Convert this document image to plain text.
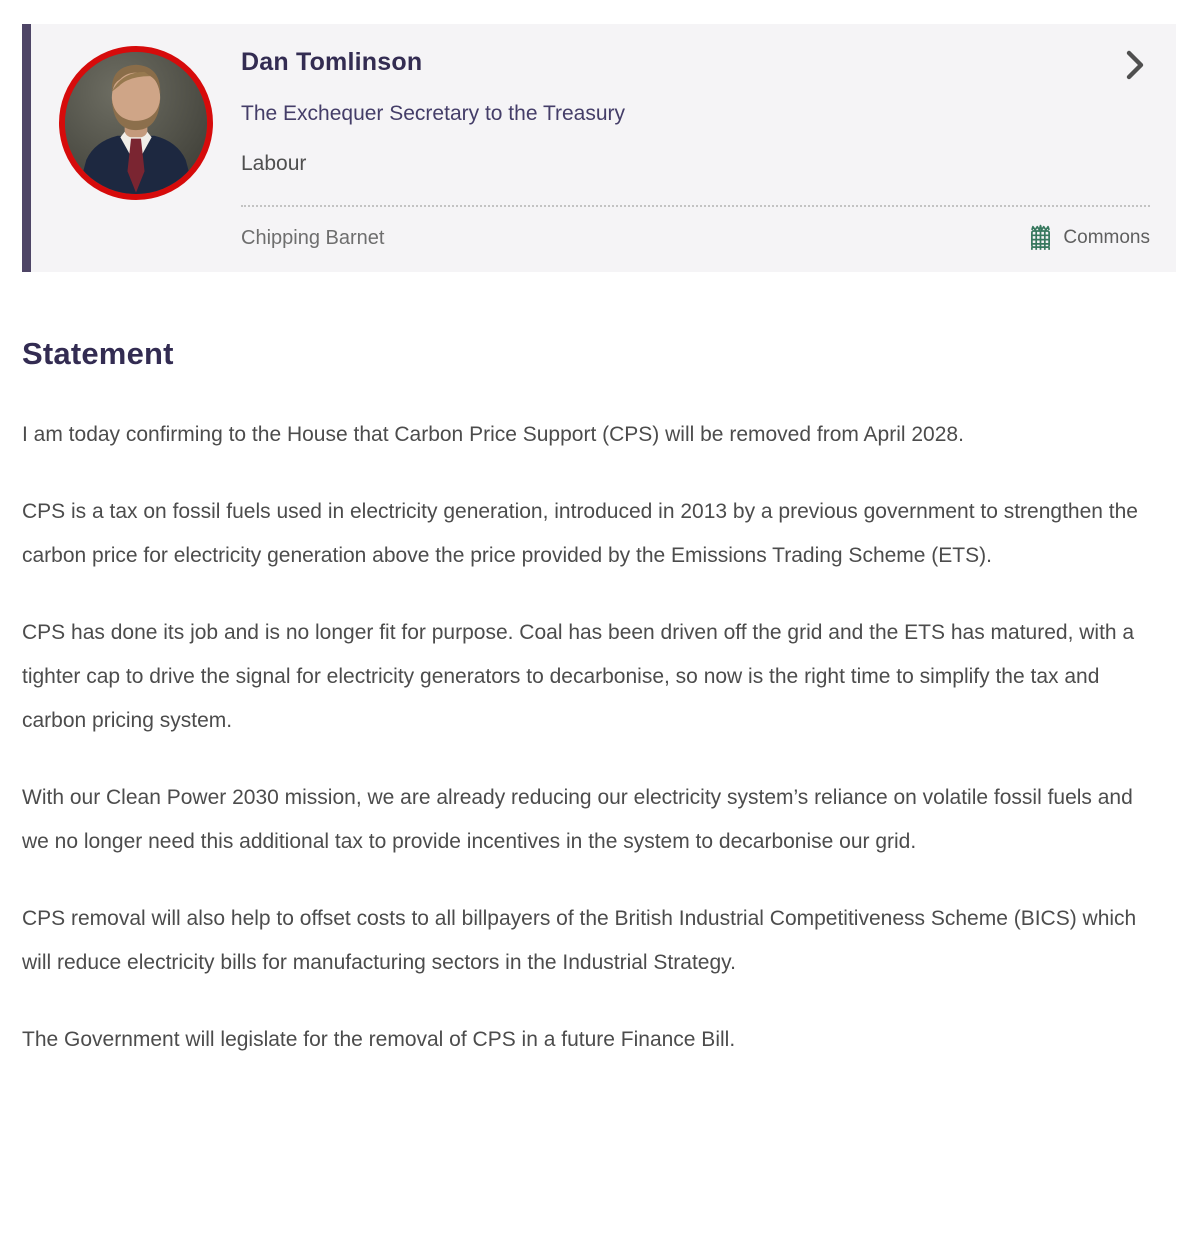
Dan Tomlinson

The Exchequer Secretary to the Treasury

Labour

Chipping Barnet	Commons
Statement

I am today confirming to the House that Carbon Price Support (CPS) will be removed from April 2028.

CPS is a tax on fossil fuels used in electricity generation, introduced in 2013 by a previous government to strengthen the carbon price for electricity generation above the price provided by the Emissions Trading Scheme (ETS).

CPS has done its job and is no longer fit for purpose. Coal has been driven off the grid and the ETS has matured, with a tighter cap to drive the signal for electricity generators to decarbonise, so now is the right time to simplify the tax and carbon pricing system.

With our Clean Power 2030 mission, we are already reducing our electricity system’s reliance on volatile fossil fuels and we no longer need this additional tax to provide incentives in the system to decarbonise our grid.

CPS removal will also help to offset costs to all billpayers of the British Industrial Competitiveness Scheme (BICS) which will reduce electricity bills for manufacturing sectors in the Industrial Strategy.

The Government will legislate for the removal of CPS in a future Finance Bill.
